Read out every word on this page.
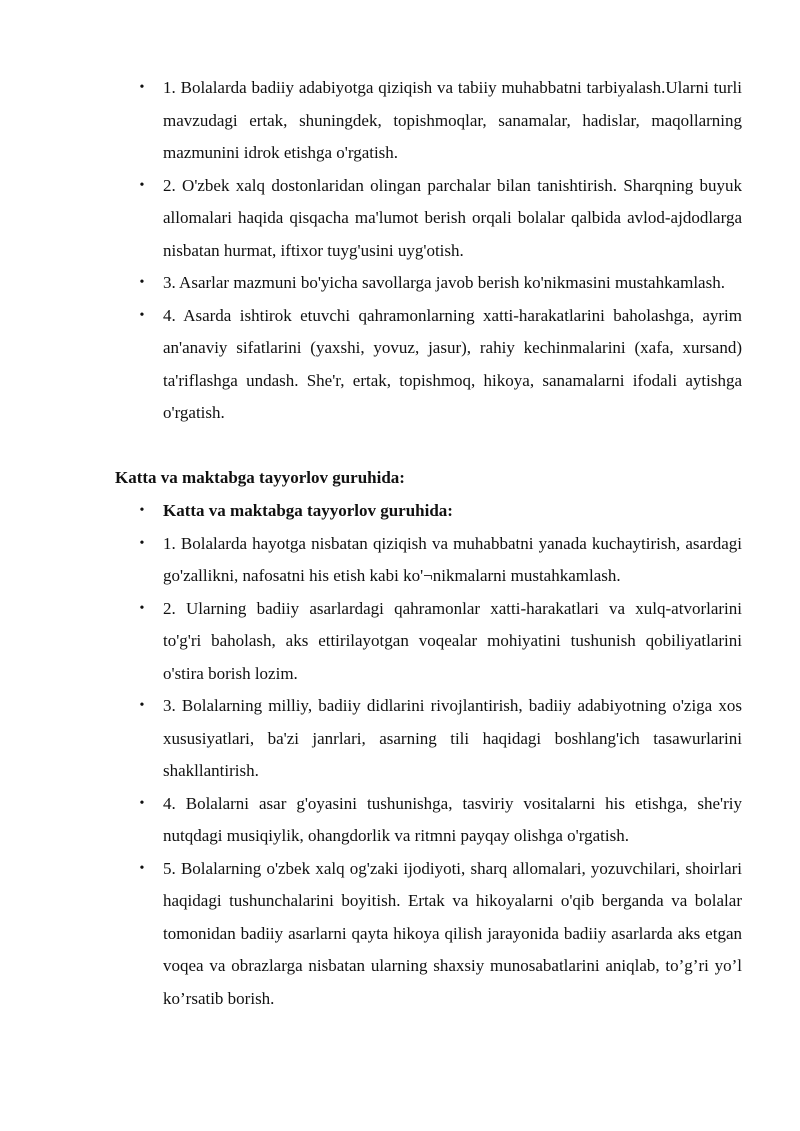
• 1. Bolalarda badiiy adabiyotga qiziqish va tabiiy muhabbatni tarbiyalash.Ularni turli mavzudagi ertak, shuningdek, topishmoqlar, sanamalar, hadislar, maqollarning mazmunini idrok etishga o'rgatish.
• 2. O'zbek xalq dostonlaridan olingan parchalar bilan tanishtirish. Sharqning buyuk allomalari haqida qisqacha ma'lumot berish orqali bolalar qalbida avlod-ajdodlarga nisbatan hurmat, iftixor tuyg'usini uyg'otish.
• 3. Asarlar mazmuni bo'yicha savollarga javob berish ko'nikmasini mustahkamlash.
• 4. Asarda ishtirok etuvchi qahramonlarning xatti-harakatlarini baholashga, ayrim an'anaviy sifatlarini (yaxshi, yovuz, jasur), rahiy kechinmalarini (xafa, xursand) ta'riflashga undash. She'r, ertak, topishmoq, hikoya, sanamalarni ifodali aytishga o'rgatish.

Katta va maktabga tayyorlov guruhida:

• Katta va maktabga tayyorlov guruhida:
• 1. Bolalarda hayotga nisbatan qiziqish va muhabbatni yanada kuchaytirish, asardagi go'zallikni, nafosatni his etish kabi ko'¬nikmalarni mustahkamlash.
• 2. Ularning badiiy asarlardagi qahramonlar xatti-harakatlari va xulq-atvorlarini to'g'ri baholash, aks ettirilayotgan voqealar mohiyatini tushunish qobiliyatlarini o'stira borish lozim.
• 3. Bolalarning milliy, badiiy didlarini rivojlantirish, badiiy adabiyotning o'ziga xos xususiyatlari, ba'zi janrlari, asarning tili haqidagi boshlang'ich tasawurlarini shakllantirish.
• 4. Bolalarni asar g'oyasini tushunishga, tasviriy vositalarni his etishga, she'riy nutqdagi musiqiylik, ohangdorlik va ritmni payqay olishga o'rgatish.
• 5. Bolalarning o'zbek xalq og'zaki ijodiyoti, sharq allomalari, yozuvchilari, shoirlari haqidagi tushunchalarini boyitish. Ertak va hikoyalarni o'qib berganda va bolalar tomonidan badiiy asarlarni qayta hikoya qilish jarayonida badiiy asarlarda aks etgan voqea va obrazlarga nisbatan ularning shaxsiy munosabatlarini aniqlab, to’g’ri yo’l ko’rsatib borish.
